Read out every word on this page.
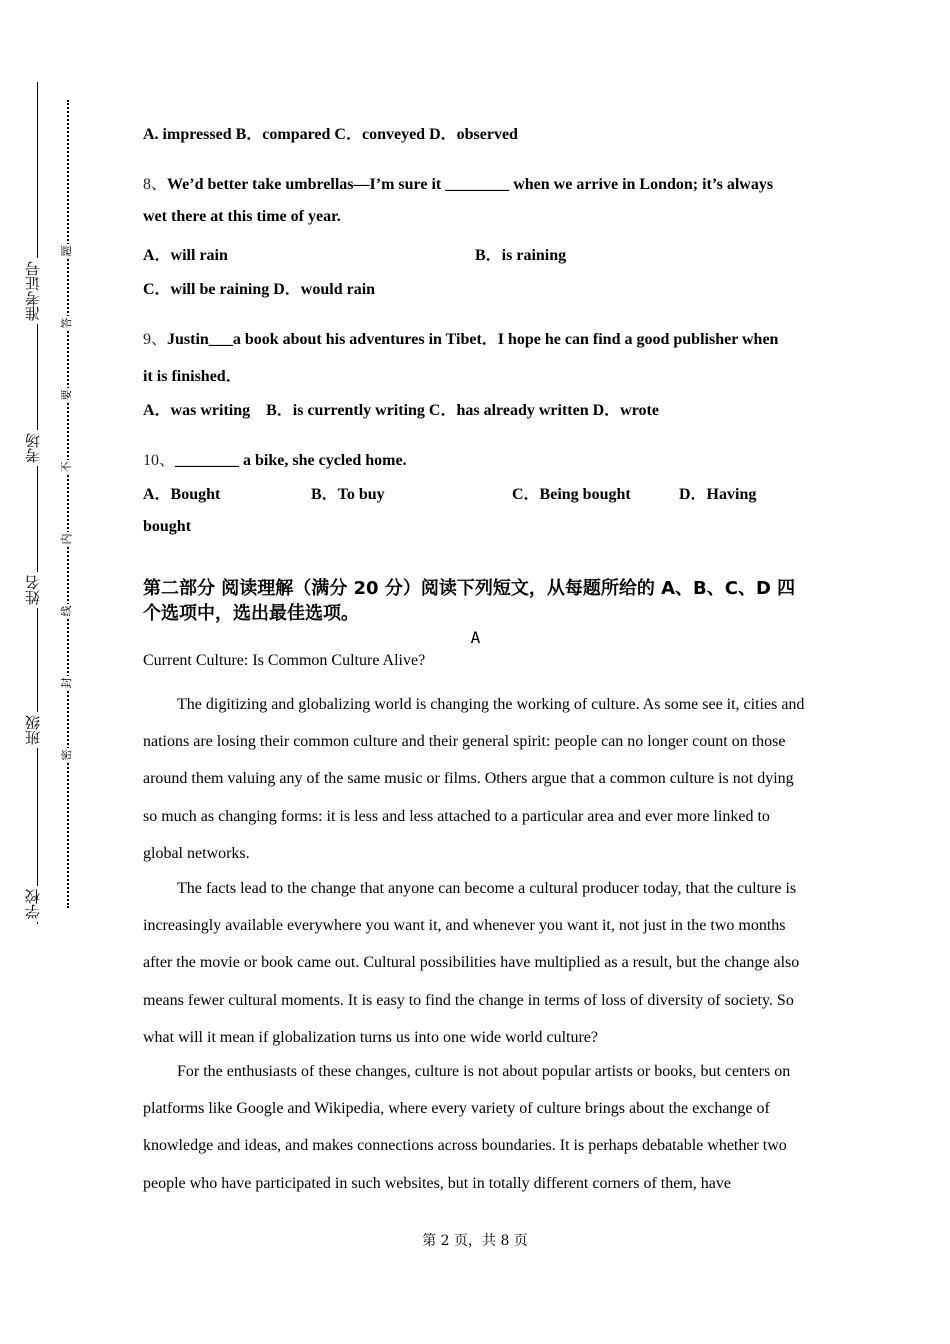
准考证号
考场
姓名
班级
学校
题
答
要
不
内
线
封
密
A. impressed B．compared C．conveyed D．observed
8、We’d better take umbrellas—I’m sure it ________ when we arrive in London; it’s always
wet there at this time of year.
A．will rain	B．is raining
C．will be raining D．would rain
9、Justin___a book about his adventures in Tibet．I hope he can find a good publisher when
it is finished．
A．was writing    B．is currently writing C．has already written D．wrote
10、________ a bike, she cycled home.
A．Bought	B．To buy	C．Being bought	D．Having
bought
第二部分 阅读理解（满分 20 分）阅读下列短文，从每题所给的 A、B、C、D 四个选项中，选出最佳选项。
A
Current Culture: Is Common Culture Alive?
The digitizing and globalizing world is changing the working of culture. As some see it, cities and nations are losing their common culture and their general spirit: people can no longer count on those around them valuing any of the same music or films. Others argue that a common culture is not dying so much as changing forms: it is less and less attached to a particular area and ever more linked to global networks.
The facts lead to the change that anyone can become a cultural producer today, that the culture is increasingly available everywhere you want it, and whenever you want it, not just in the two months after the movie or book came out. Cultural possibilities have multiplied as a result, but the change also means fewer cultural moments. It is easy to find the change in terms of loss of diversity of society. So what will it mean if globalization turns us into one wide world culture?
For the enthusiasts of these changes, culture is not about popular artists or books, but centers on platforms like Google and Wikipedia, where every variety of culture brings about the exchange of knowledge and ideas, and makes connections across boundaries. It is perhaps debatable whether two people who have participated in such websites, but in totally different corners of them, have
第 2 页，共 8 页
